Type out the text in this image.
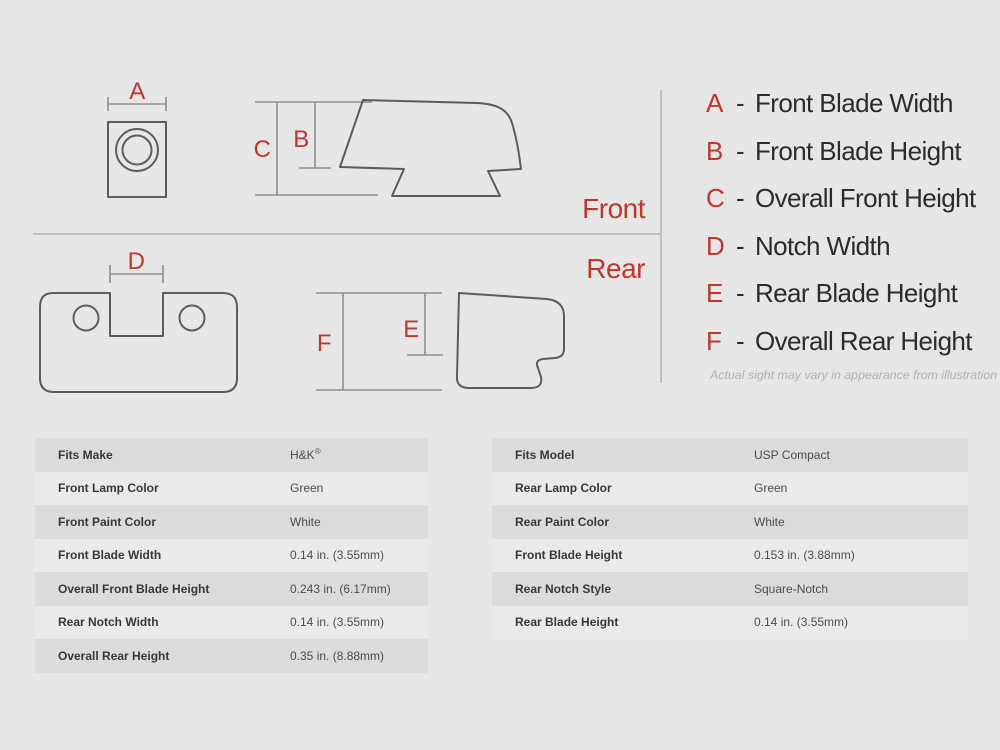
A
C B
Front
Rear
D
F
E
A - Front Blade Width
B - Front Blade Height
C - Overall Front Height
D - Notch Width
E - Rear Blade Height
F - Overall Rear Height
Actual sight may vary in appearance from illustration
Fits Make	H&K®
Front Lamp Color	Green
Front Paint Color	White
Front Blade Width	0.14 in. (3.55mm)
Overall Front Blade Height	0.243 in. (6.17mm)
Rear Notch Width	0.14 in. (3.55mm)
Overall Rear Height	0.35 in. (8.88mm)
Fits Model	USP Compact
Rear Lamp Color	Green
Rear Paint Color	White
Front Blade Height	0.153 in. (3.88mm)
Rear Notch Style	Square-Notch
Rear Blade Height	0.14 in. (3.55mm)
